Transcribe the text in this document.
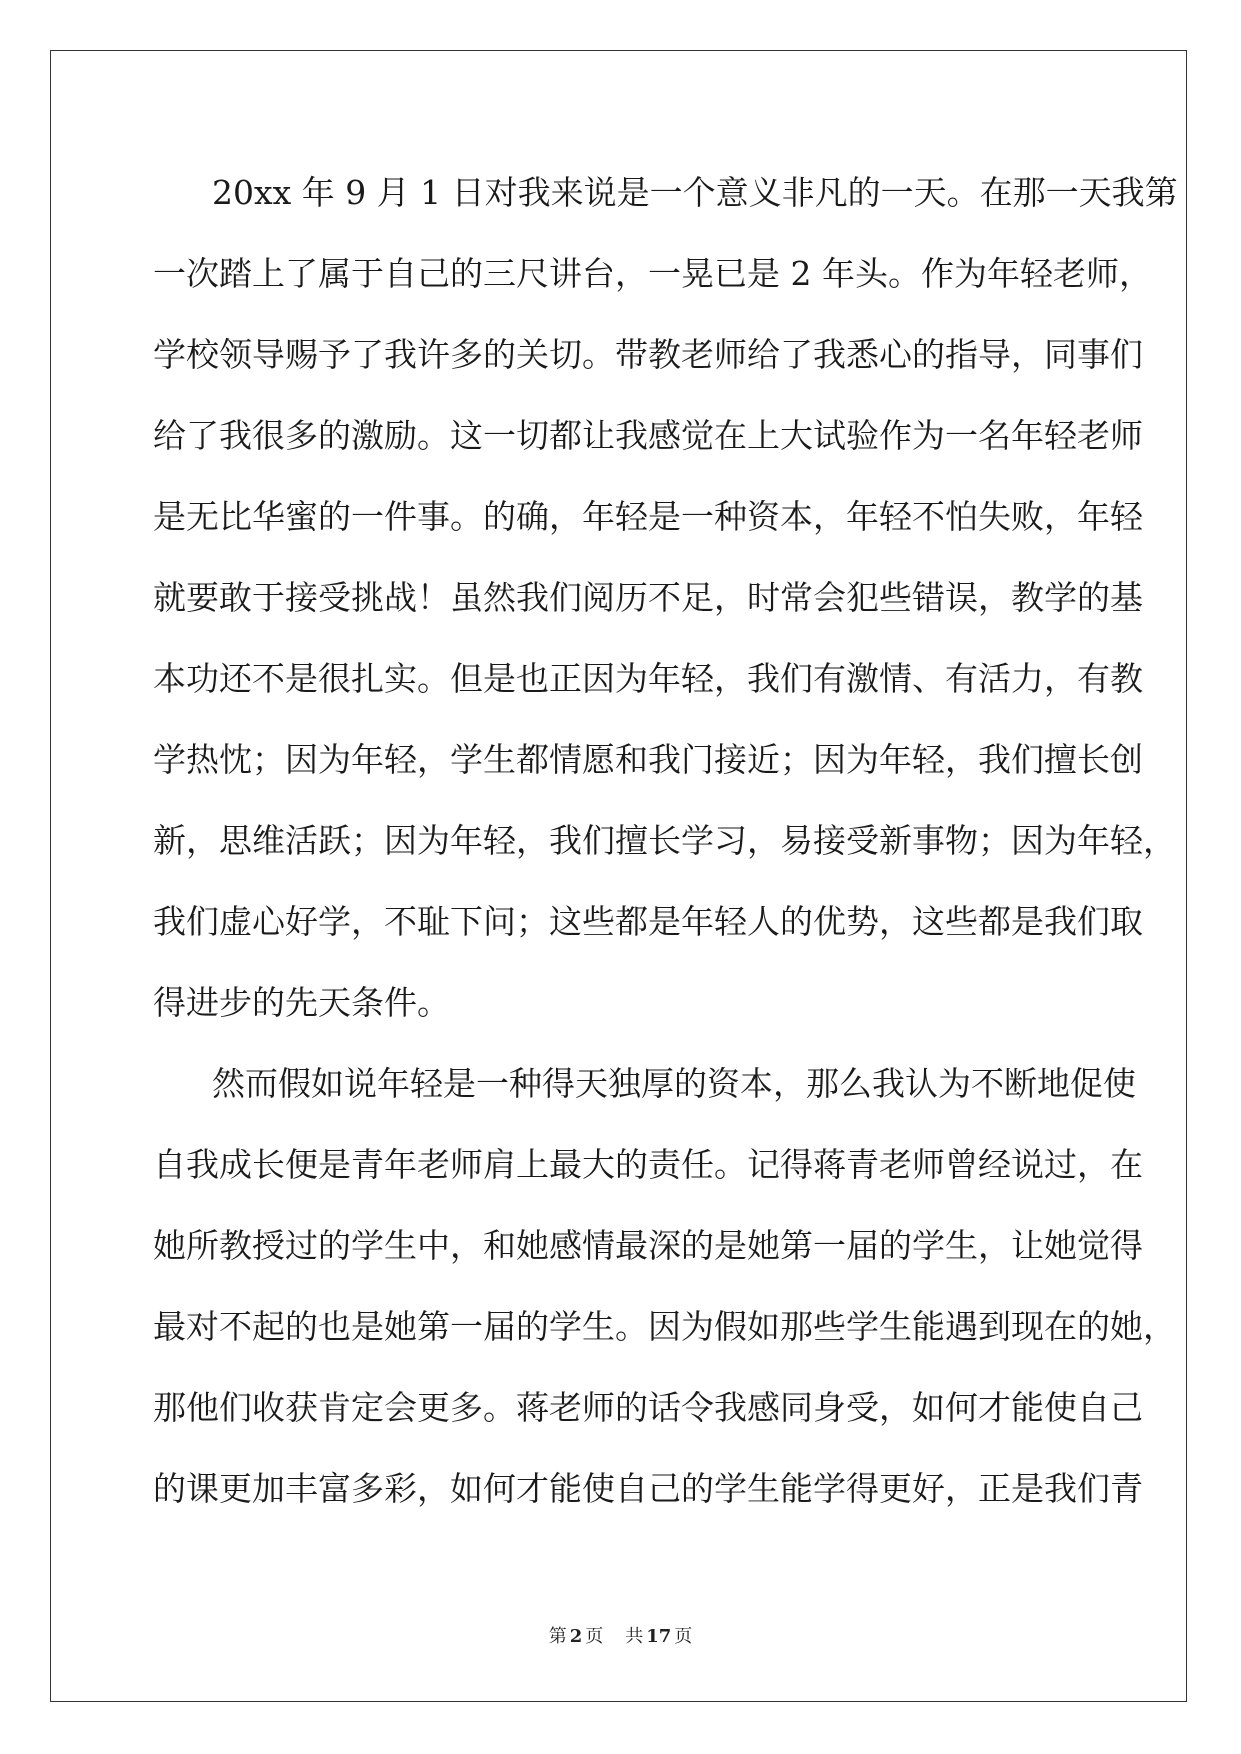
20xx 年 9 月 1 日对我来说是一个意义非凡的一天。在那一天我第
一次踏上了属于自己的三尺讲台，一晃已是 2 年头。作为年轻老师，
学校领导赐予了我许多的关切。带教老师给了我悉心的指导，同事们
给了我很多的激励。这一切都让我感觉在上大试验作为一名年轻老师
是无比华蜜的一件事。的确，年轻是一种资本，年轻不怕失败，年轻
就要敢于接受挑战！虽然我们阅历不足，时常会犯些错误，教学的基
本功还不是很扎实。但是也正因为年轻，我们有激情、有活力，有教
学热忱；因为年轻，学生都情愿和我门接近；因为年轻，我们擅长创
新，思维活跃；因为年轻，我们擅长学习，易接受新事物；因为年轻，
我们虚心好学，不耻下问；这些都是年轻人的优势，这些都是我们取
得进步的先天条件。
然而假如说年轻是一种得天独厚的资本，那么我认为不断地促使
自我成长便是青年老师肩上最大的责任。记得蒋青老师曾经说过，在
她所教授过的学生中，和她感情最深的是她第一届的学生，让她觉得
最对不起的也是她第一届的学生。因为假如那些学生能遇到现在的她，
那他们收获肯定会更多。蒋老师的话令我感同身受，如何才能使自己
的课更加丰富多彩，如何才能使自己的学生能学得更好，正是我们青
第 2 页 共 17 页
